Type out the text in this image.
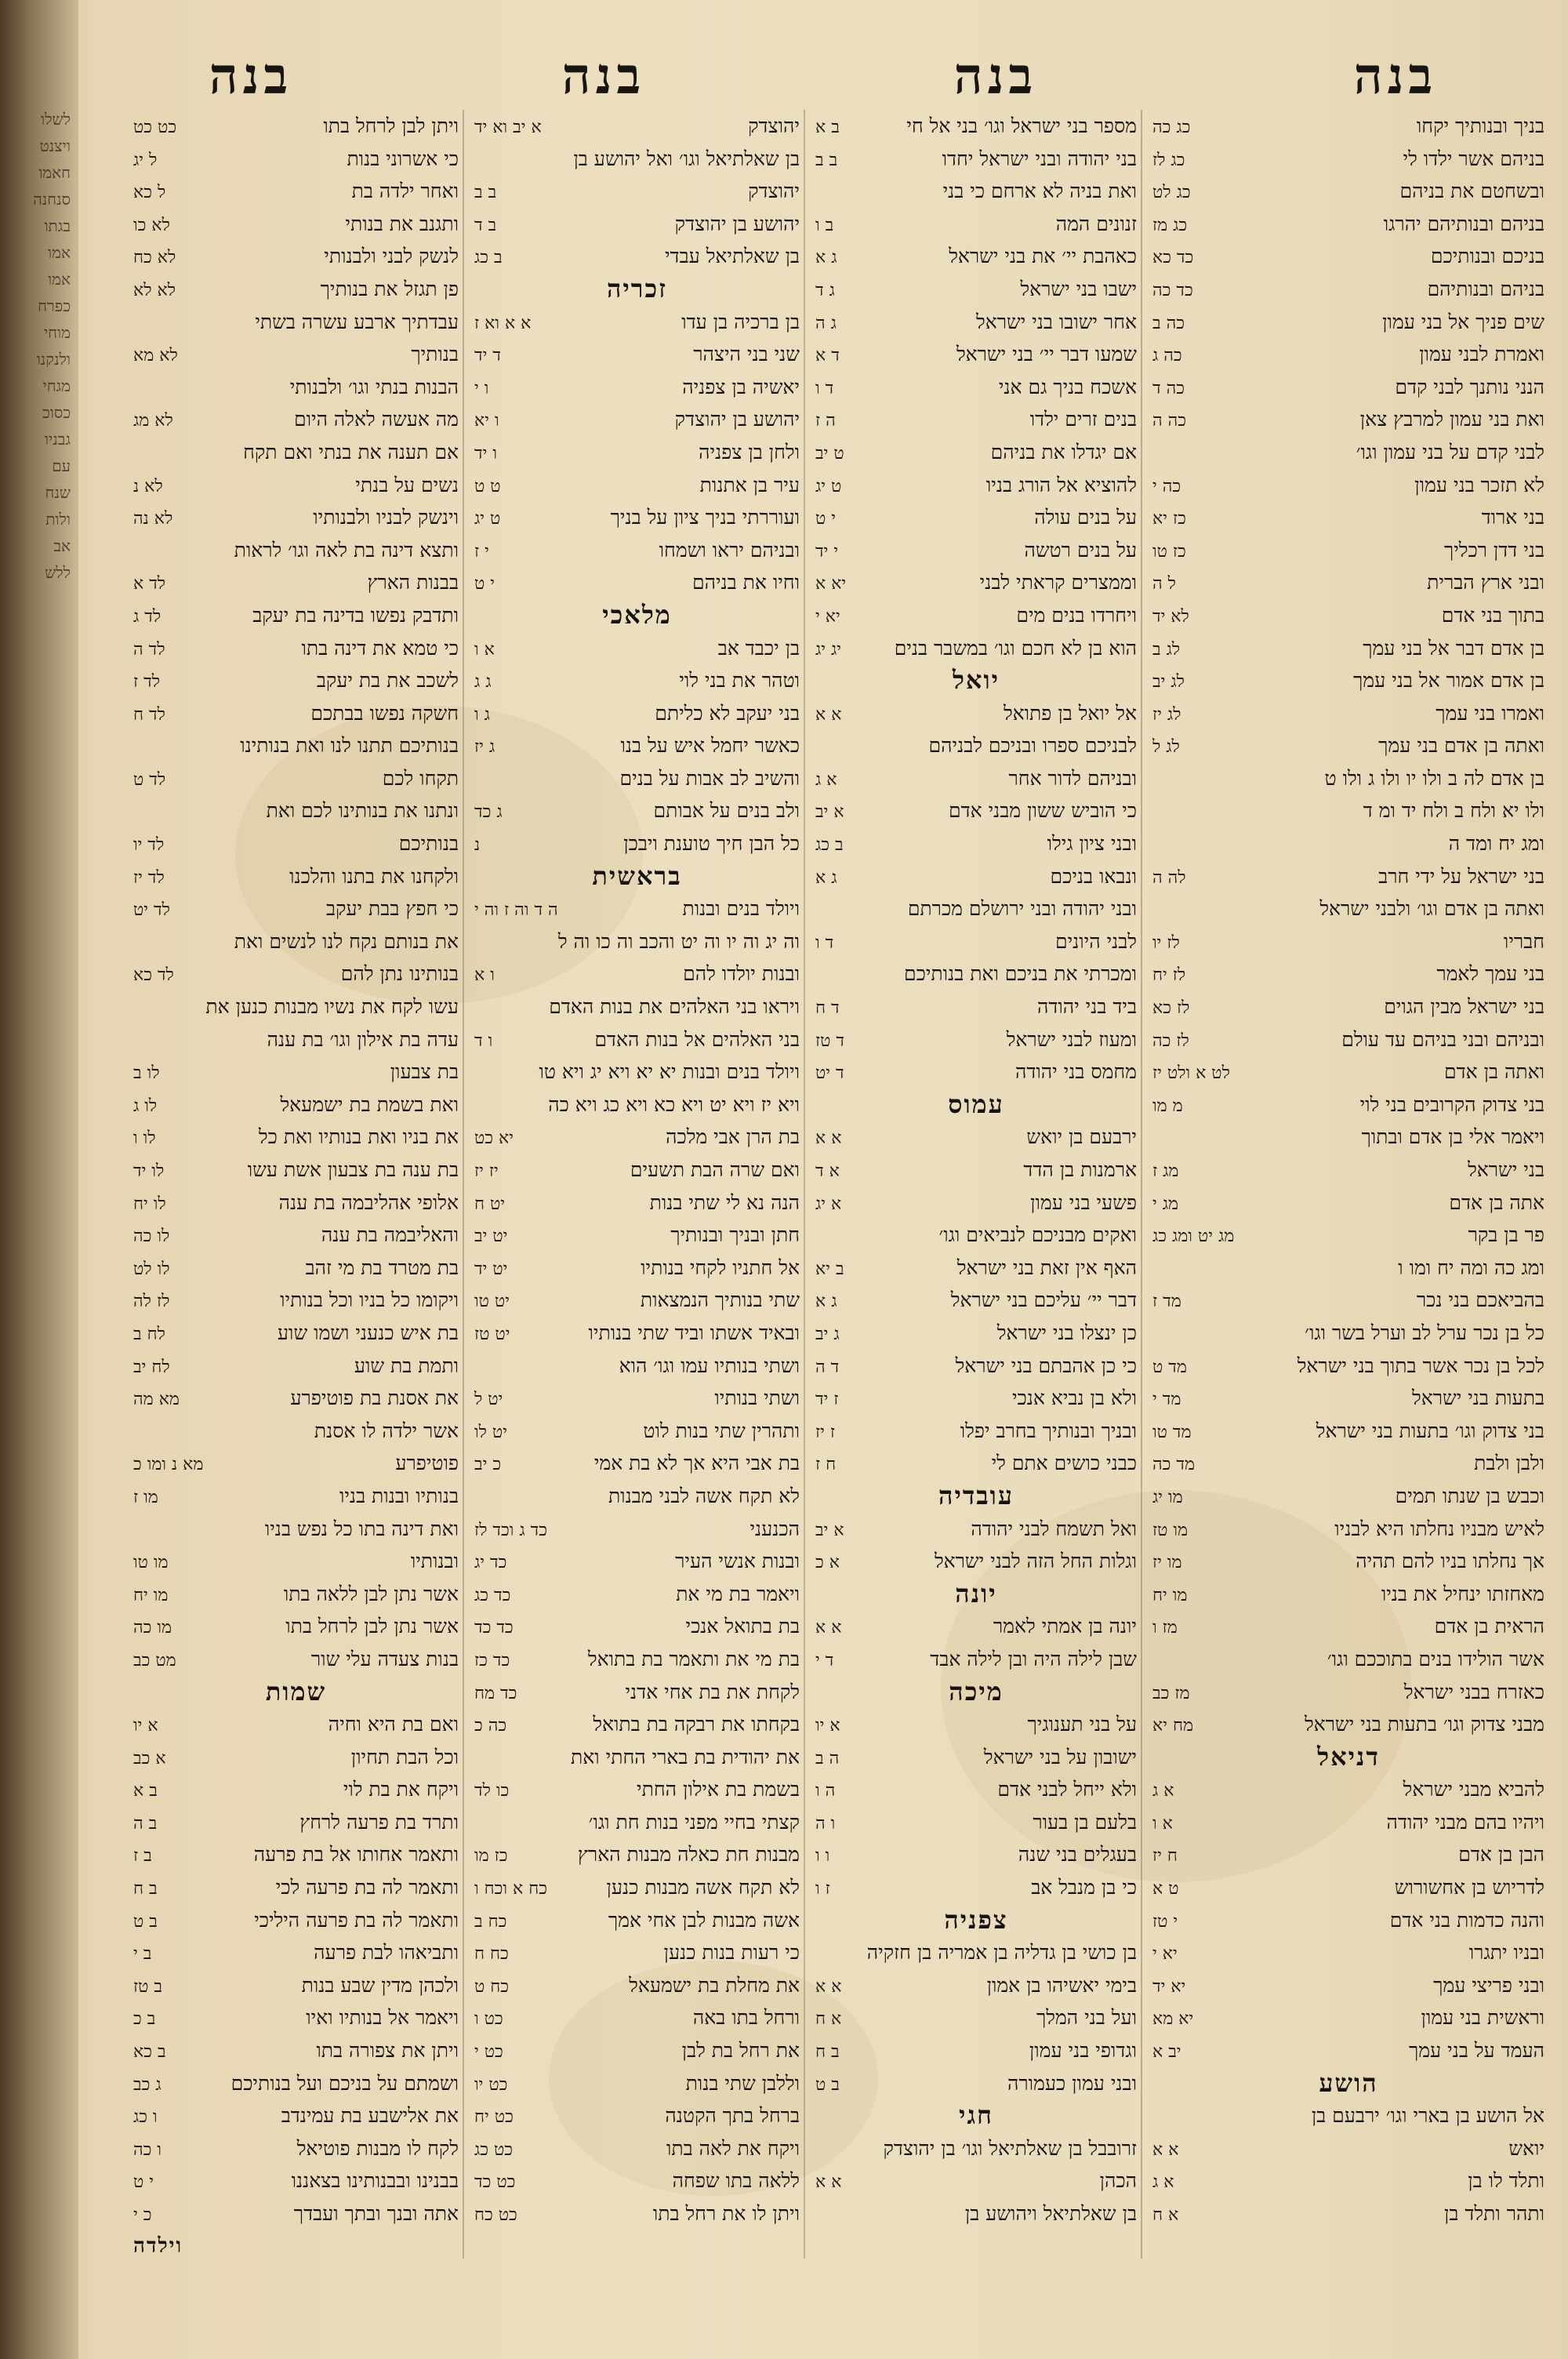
לשלו
ויצנט
חאמו
סנחנה
בגתו
אמו
אמו
כפרח
מוחי
ולנקנו
מגחי
כסוכ
גבניו
עם
שנח
ולות
אב
ללש
בנה
בנה
בנה
בנה
בניך ובנותיך יקחו
כג כה
בניהם אשר ילדו לי
כג לז
ובשחטם את בניהם
כג לט
בניהם ובנותיהם יהרגו
כג מז
בניכם ובנותיכם
כד כא
בניהם ובנותיהם
כד כה
שים פניך אל בני עמון
כה ב
ואמרת לבני עמון
כה ג
הנני נותנך לבני קדם
כה ד
ואת בני עמון למרבץ צאן
כה ה
לבני קדם על בני עמון וגו׳
לא תזכר בני עמון
כה י
בני ארוד
כז יא
בני דדן רכליך
כז טו
ובני ארץ הברית
ל ה
בתוך בני אדם
לא יד
בן אדם דבר אל בני עמך
לג ב
בן אדם אמור אל בני עמך
לג יב
ואמרו בני עמך
לג יז
ואתה בן אדם בני עמך
לג ל
בן אדם לה ב ולו יו ולו ג ולו ט
ולו יא ולח ב ולח יד ומ ד
ומג יח ומד ה
בני ישראל על ידי חרב
לה ה
ואתה בן אדם וגו׳ ולבני ישראל
חבריו
לז יו
בני עמך לאמר
לז יח
בני ישראל מבין הגוים
לז כא
ובניהם ובני בניהם עד עולם
לז כה
ואתה בן אדם
לט א ולט יז
בני צדוק הקרובים בני לוי
מ מו
ויאמר אלי בן אדם ובתוך
בני ישראל
מג ז
אתה בן אדם
מג י
פר בן בקר
מג יט ומג כג
ומג כה ומה יח ומו ו
בהביאכם בני נכר
מד ז
כל בן נכר ערל לב וערל בשר וגו׳
לכל בן נכר אשר בתוך בני ישראל
מד ט
בתעות בני ישראל
מד י
בני צדוק וגו׳ בתעות בני ישראל
מד טו
ולבן ולבת
מד כה
וכבש בן שנתו תמים
מו יג
לאיש מבניו נחלתו היא לבניו
מו טז
אך נחלתו בניו להם תהיה
מו יז
מאחזתו ינחיל את בניו
מו יח
הראית בן אדם
מז ו
אשר הולידו בנים בתוככם וגו׳
כאזרח בבני ישראל
מז כב
מבני צדוק וגו׳ בתעות בני ישראל
מח יא
דניאל
להביא מבני ישראל
א ג
ויהיו בהם מבני יהודה
א ו
הבן בן אדם
ח יז
לדריוש בן אחשורוש
ט א
והנה כדמות בני אדם
י טז
ובניו יתגרו
יא י
ובני פריצי עמך
יא יד
וראשית בני עמון
יא מא
העמד על בני עמך
יב א
הושע
אל הושע בן בארי וגו׳ ירבעם בן
יואש
א א
ותלד לו בן
א ג
ותהר ותלד בן
א ח
מספר בני ישראל וגו׳ בני אל חי
ב א
בני יהודה ובני ישראל יחדו
ב ב
ואת בניה לא ארחם כי בני
זנונים המה
ב ו
כאהבת יי׳ את בני ישראל
ג א
ישבו בני ישראל
ג ד
אחר ישובו בני ישראל
ג ה
שמעו דבר יי׳ בני ישראל
ד א
אשכח בניך גם אני
ד ו
בנים זרים ילדו
ה ז
אם יגדלו את בניהם
ט יב
להוציא אל הורג בניו
ט יג
על בנים עולה
י ט
על בנים רטשה
י יד
וממצרים קראתי לבני
יא א
ויחרדו בנים מים
יא י
הוא בן לא חכם וגו׳ במשבר בנים
יג יג
יואל
אל יואל בן פתואל
א א
לבניכם ספרו ובניכם לבניהם
ובניהם לדור אחר
א ג
כי הוביש ששון מבני אדם
א יב
ובני ציון גילו
ב כג
ונבאו בניכם
ג א
ובני יהודה ובני ירושלם מכרתם
לבני היונים
ד ו
ומכרתי את בניכם ואת בנותיכם
ביד בני יהודה
ד ח
ומעוז לבני ישראל
ד טז
מחמס בני יהודה
ד יט
עמוס
ירבעם בן יואש
א א
ארמנות בן הדד
א ד
פשעי בני עמון
א יג
ואקים מבניכם לנביאים וגו׳
האף אין זאת בני ישראל
ב יא
דבר יי׳ עליכם בני ישראל
ג א
כן ינצלו בני ישראל
ג יב
כי כן אהבתם בני ישראל
ד ה
ולא בן נביא אנכי
ז יד
ובניך ובנותיך בחרב יפלו
ז יז
כבני כושים אתם לי
ח ז
עובדיה
ואל תשמח לבני יהודה
א יב
וגלות החל הזה לבני ישראל
א כ
יונה
יונה בן אמתי לאמר
א א
שבן לילה היה ובן לילה אבד
ד י
מיכה
על בני תענוגיך
א יו
ישובון על בני ישראל
ה ב
ולא ייחל לבני אדם
ה ו
בלעם בן בעור
ו ה
בעגלים בני שנה
ו ו
כי בן מנבל אב
ז ו
צפניה
בן כושי בן גדליה בן אמריה בן חזקיה
בימי יאשיהו בן אמון
א א
ועל בני המלך
א ח
וגדופי בני עמון
ב ח
ובני עמון כעמורה
ב ט
חגי
זרובבל בן שאלתיאל וגו׳ בן יהוצדק
הכהן
א א
בן שאלתיאל ויהושע בן
יהוצדק
א יב וא יד
בן שאלתיאל וגו׳ ואל יהושע בן
יהוצדק
ב ב
יהושע בן יהוצדק
ב ד
בן שאלתיאל עבדי
ב כג
זכריה
בן ברכיה בן עדו
א א וא ז
שני בני היצהר
ד יד
יאשיה בן צפניה
ו י
יהושע בן יהוצדק
ו יא
ולחן בן צפניה
ו יד
עיר בן אתנות
ט ט
ועוררתי בניך ציון על בניך
ט יג
ובניהם יראו ושמחו
י ז
וחיו את בניהם
י ט
מלאכי
בן יכבד אב
א ו
וטהר את בני לוי
ג ג
בני יעקב לא כליתם
ג ו
כאשר יחמל איש על בנו
ג יז
והשיב לב אבות על בנים
ולב בנים על אבותם
ג כד
כל הבן חיך טוענת ויבכן
נ
בראשית
ויולד בנים ובנות
ה ד וה ז וה י
וה יג וה יו וה יט והכב וה כו וה ל
ובנות יולדו להם
ו א
ויראו בני האלהים את בנות האדם
בני האלהים אל בנות האדם
ו ד
ויולד בנים ובנות יא יא ויא יג ויא טו
ויא יז ויא יט ויא כא ויא כג ויא כה
בת הרן אבי מלכה
יא כט
ואם שרה הבת תשעים
יז יז
הנה נא לי שתי בנות
יט ח
חתן ובניך ובנותיך
יט יב
אל חתניו לקחי בנותיו
יט יד
שתי בנותיך הנמצאות
יט טו
ובאיד אשתו וביד שתי בנותיו
יט טז
ושתי בנותיו עמו וגו׳ הוא
ושתי בנותיו
יט ל
ותהרין שתי בנות לוט
יט לו
בת אבי היא אך לא בת אמי
כ יב
לא תקח אשה לבני מבנות
הכנעני
כד ג וכד לז
ובנות אנשי העיר
כד יג
ויאמר בת מי את
כד כג
בת בתואל אנכי
כד כד
בת מי את ותאמר בת בתואל
כד כז
לקחת את בת אחי אדני
כד מח
בקחתו את רבקה בת בתואל
כה כ
את יהודית בת בארי החתי ואת
בשמת בת אילון החתי
כו לד
קצתי בחיי מפני בנות חת וגו׳
מבנות חת כאלה מבנות הארץ
כז מו
לא תקח אשה מבנות כנען
כח א וכח ו
אשה מבנות לבן אחי אמך
כח ב
כי רעות בנות כנען
כח ח
את מחלת בת ישמעאל
כח ט
ורחל בתו באה
כט ו
את רחל בת לבן
כט י
וללבן שתי בנות
כט יו
ברחל בתך הקטנה
כט יח
ויקח את לאה בתו
כט כג
ללאה בתו שפחה
כט כד
ויתן לו את רחל בתו
כט כח
ויתן לבן לרחל בתו
כט כט
כי אשרוני בנות
ל יג
ואחר ילדה בת
ל כא
ותגנב את בנותי
לא כו
לנשק לבני ולבנותי
לא כח
פן תגזל את בנותיך
לא לא
עבדתיך ארבע עשרה בשתי
בנותיך
לא מא
הבנות בנתי וגו׳ ולבנותי
מה אעשה לאלה היום
לא מג
אם תענה את בנתי ואם תקח
נשים על בנתי
לא נ
וינשק לבניו ולבנותיו
לא נה
ותצא דינה בת לאה וגו׳ לראות
בבנות הארץ
לד א
ותדבק נפשו בדינה בת יעקב
לד ג
כי טמא את דינה בתו
לד ה
לשכב את בת יעקב
לד ז
חשקה נפשו בבתכם
לד ח
בנותיכם תתנו לנו ואת בנותינו
תקחו לכם
לד ט
ונתנו את בנותינו לכם ואת
בנותיכם
לד יו
ולקחנו את בתנו והלכנו
לד יז
כי חפץ בבת יעקב
לד יט
את בנותם נקח לנו לנשים ואת
בנותינו נתן להם
לד כא
עשו לקח את נשיו מבנות כנען את
עדה בת אילון וגו׳ בת ענה
בת צבעון
לו ב
ואת בשמת בת ישמעאל
לו ג
את בניו ואת בנותיו ואת כל
לו ו
בת ענה בת צבעון אשת עשו
לו יד
אלופי אהליבמה בת ענה
לו יח
והאליבמה בת ענה
לו כה
בת מטרד בת מי זהב
לו לט
ויקומו כל בניו וכל בנותיו
לז לה
בת איש כנעני ושמו שוע
לח ב
ותמת בת שוע
לח יב
את אסנת בת פוטיפרע
מא מה
אשר ילדה לו אסנת
פוטיפרע
מא נ ומו כ
בנותיו ובנות בניו
מו ז
ואת דינה בתו כל נפש בניו
ובנותיו
מו טו
אשר נתן לבן ללאה בתו
מו יח
אשר נתן לבן לרחל בתו
מו כה
בנות צעדה עלי שור
מט כב
שמות
ואם בת היא וחיה
א יו
וכל הבת תחיון
א כב
ויקח את בת לוי
ב א
ותרד בת פרעה לרחץ
ב ה
ותאמר אחותו אל בת פרעה
ב ז
ותאמר לה בת פרעה לכי
ב ח
ותאמר לה בת פרעה היליכי
ב ט
ותביאהו לבת פרעה
ב י
ולכהן מדין שבע בנות
ב טז
ויאמר אל בנותיו ואיו
ב כ
ויתן את צפורה בתו
ב כא
ושמתם על בניכם ועל בנותיכם
ג כב
את אלישבע בת עמינדב
ו כג
לקח לו מבנות פוטיאל
ו כה
בבנינו ובבנותינו בצאננו
י ט
אתה ובנך ובתך ועבדך
כ י
וילדה
